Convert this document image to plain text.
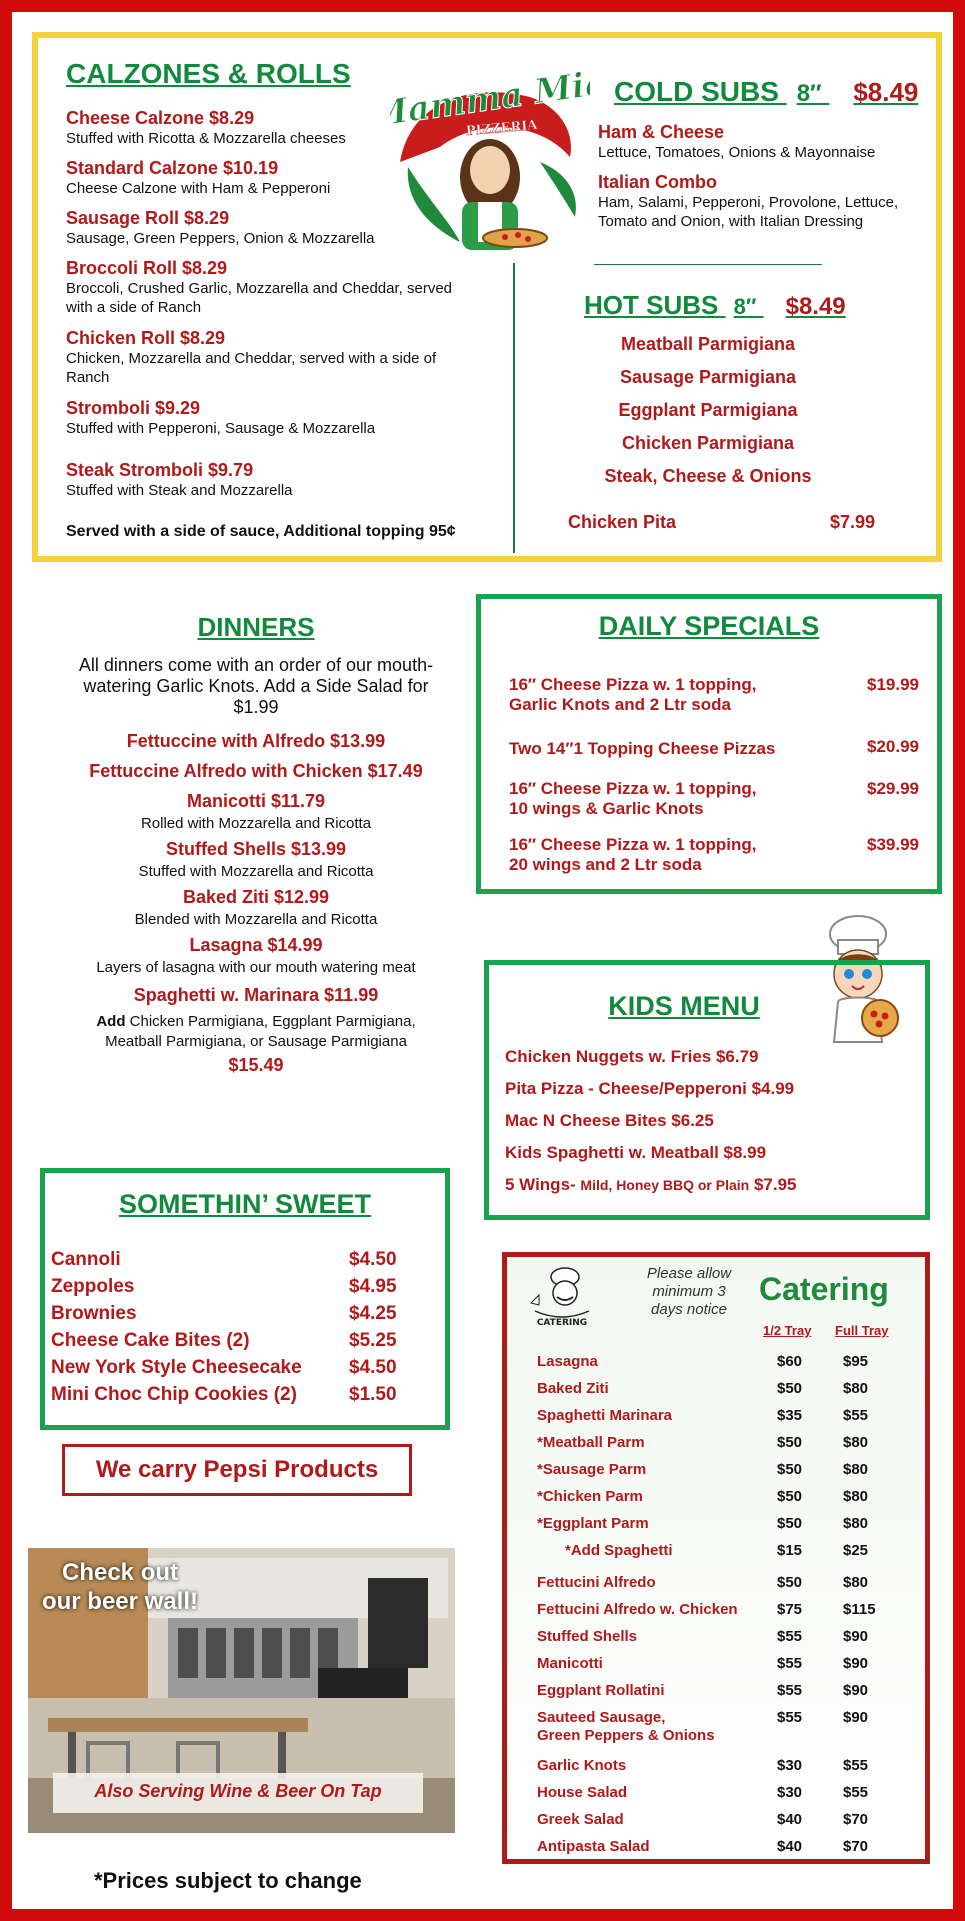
CALZONES & ROLLS
Cheese Calzone $8.29
Stuffed with Ricotta & Mozzarella cheeses
Standard Calzone $10.19
Cheese Calzone with Ham & Pepperoni
Sausage Roll $8.29
Sausage, Green Peppers, Onion & Mozzarella
Broccoli Roll $8.29
Broccoli, Crushed Garlic, Mozzarella and Cheddar, served with a side of Ranch
Chicken Roll $8.29
Chicken, Mozzarella and Cheddar, served with a side of Ranch
Stromboli $9.29
Stuffed with Pepperoni, Sausage & Mozzarella
Steak Stromboli $9.79
Stuffed with Steak and Mozzarella
Served with a side of sauce, Additional topping 95¢
Mamma Mia
PIZZERIA
COLD SUBS 8″ $8.49
Ham & Cheese
Lettuce, Tomatoes, Onions & Mayonnaise
Italian Combo
Ham, Salami, Pepperoni, Provolone, Lettuce, Tomato and Onion, with Italian Dressing
HOT SUBS 8″ $8.49
Meatball Parmigiana
Sausage Parmigiana
Eggplant Parmigiana
Chicken Parmigiana
Steak, Cheese & Onions
Chicken Pita	$7.99
DINNERS
All dinners come with an order of our mouth-watering Garlic Knots. Add a Side Salad for $1.99
Fettuccine with Alfredo $13.99
Fettuccine Alfredo with Chicken $17.49
Manicotti $11.79
Rolled with Mozzarella and Ricotta
Stuffed Shells $13.99
Stuffed with Mozzarella and Ricotta
Baked Ziti $12.99
Blended with Mozzarella and Ricotta
Lasagna $14.99
Layers of lasagna with our mouth watering meat
Spaghetti w. Marinara $11.99
Add Chicken Parmigiana, Eggplant Parmigiana, Meatball Parmigiana, or Sausage Parmigiana
$15.49
DAILY SPECIALS
16″ Cheese Pizza w. 1 topping,
Garlic Knots and 2 Ltr soda
$19.99
Two 14″1 Topping Cheese Pizzas	$20.99
16″ Cheese Pizza w. 1 topping,
10 wings & Garlic Knots
$29.99
16″ Cheese Pizza w. 1 topping,
20 wings and 2 Ltr soda
$39.99
KIDS MENU
Chicken Nuggets w. Fries $6.79
Pita Pizza - Cheese/Pepperoni $4.99
Mac N Cheese Bites $6.25
Kids Spaghetti w. Meatball $8.99
5 Wings- Mild, Honey BBQ or Plain $7.95
SOMETHIN’ SWEET
Cannoli	$4.50
Zeppoles	$4.95
Brownies	$4.25
Cheese Cake Bites (2)	$5.25
New York Style Cheesecake $4.50
Mini Choc Chip Cookies (2)	$1.50
We carry Pepsi Products
Check out our beer wall!
Also Serving Wine & Beer On Tap
CATERING
Please allow minimum 3 days notice
Catering
1/2 Tray Full Tray
Lasagna	$60	$95
Baked Ziti	$50	$80
Spaghetti Marinara	$35	$55
*Meatball Parm	$50	$80
*Sausage Parm	$50	$80
*Chicken Parm	$50	$80
*Eggplant Parm	$50	$80
*Add Spaghetti	$15	$25
Fettucini Alfredo	$50	$80
Fettucini Alfredo w. Chicken	$75	$115
Stuffed Shells	$55	$90
Manicotti	$55	$90
Eggplant Rollatini	$55	$90
Sauteed Sausage,
Green Peppers & Onions
$55	$90
Garlic Knots	$30	$55
House Salad	$30	$55
Greek Salad	$40	$70
Antipasta Salad	$40	$70
*Prices subject to change
